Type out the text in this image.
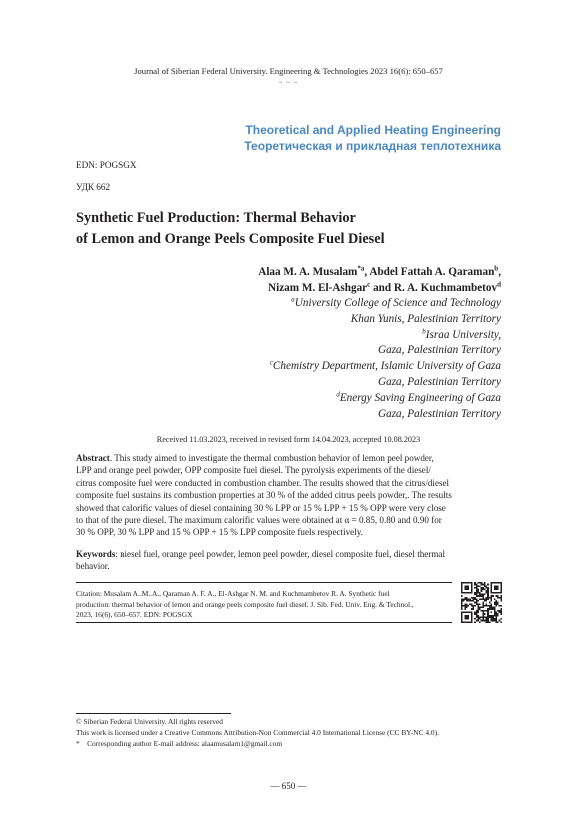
Journal of Siberian Federal University. Engineering & Technologies 2023 16(6): 650–657
~ ~ ~
Theoretical and Applied Heating Engineering
Теоретическая и прикладная теплотехника
EDN: POGSGX
УДК 662
Synthetic Fuel Production: Thermal Behavior
of Lemon and Orange Peels Composite Fuel Diesel
Alaa M. A. Musalam$^{*a}$, Abdel Fattah A. Qaraman$^b$,
Nizam M. El-Ashgar$^c$ and R. A. Kuchmambetov$^d$
$^a$University College of Science and Technology
Khan Yunis, Palestinian Territory
$^b$Israa University,
Gaza, Palestinian Territory
$^c$Chemistry Department, Islamic University of Gaza
Gaza, Palestinian Territory
$^d$Energy Saving Engineering of Gaza
Gaza, Palestinian Territory
Received 11.03.2023, received in revised form 14.04.2023, accepted 10.08.2023
Abstract. This study aimed to investigate the thermal combustion behavior of lemon peel powder,
LPP and orange peel powder, OPP composite fuel diesel. The pyrolysis experiments of the diesel/
citrus composite fuel were conducted in combustion chamber. The results showed that the citrus/diesel
composite fuel sustains its combustion properties at 30 % of the added citrus peels powder,. The results
showed that calorific values of diesel containing 30 % LPP or 15 % LPP + 15 % OPP were very close
to that of the pure diesel. The maximum calorific values were obtained at α = 0.85, 0.80 and 0.90 for
30 % OPP, 30 % LPP and 15 % OPP + 15 % LPP composite fuels respectively.
Keywords: вiesel fuel, orange peel powder, lemon peel powder, diesel composite fuel, diesel thermal
behavior.
Citation: Musalam A..M..A., Qaraman A. F. A., El-Ashgar N. M. and Kuchmambetov R. A. Synthetic fuel
production: thermal behavior of lemon and orange peels composite fuel diesel. J. Sib. Fed. Univ. Eng. & Technol.,
2023, 16(6), 650–657. EDN: POGSGX
© Siberian Federal University. All rights reserved
This work is licensed under a Creative Commons Attribution-Non Commercial 4.0 International License (CC BY-NC 4.0).
* Corresponding author E-mail address: alaamusalam1@gmail.com
— 650 —
